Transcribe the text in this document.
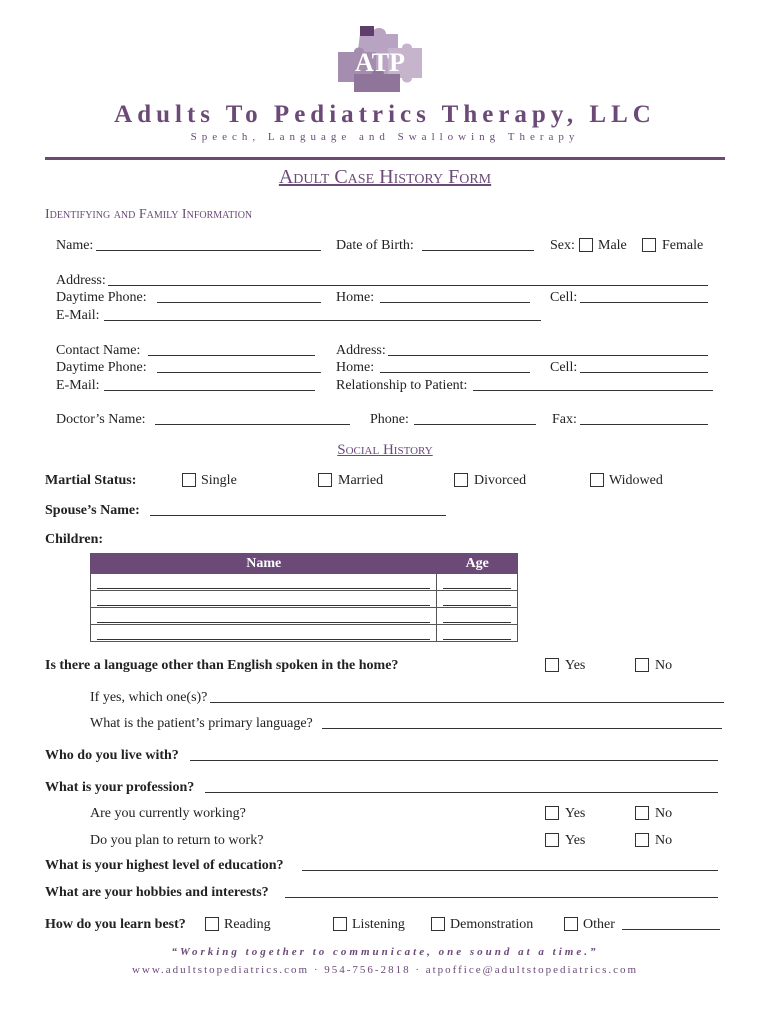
ATP
Adults To Pediatrics Therapy, LLC
Speech, Language and Swallowing Therapy
Adult Case History Form
Identifying and Family Information
Name:	Date of Birth:	Sex: Male	Female
Address:
Daytime Phone:	Home:	Cell:
E-Mail:
Contact Name:	Address:
Daytime Phone:	Home:	Cell:
E-Mail:	Relationship to Patient:
Doctor’s Name:	Phone:	Fax:
Social History
Martial Status:	Single	Married	Divorced	Widowed
Spouse’s Name:
Children:
Name	Age

Is there a language other than English spoken in the home?	Yes	No
If yes, which one(s)?
What is the patient’s primary language?
Who do you live with?
What is your profession?
Are you currently working?	Yes	No
Do you plan to return to work?	Yes	No
What is your highest level of education?
What are your hobbies and interests?
How do you learn best?	Reading	Listening	Demonstration	Other
“Working together to communicate, one sound at a time.”
www.adultstopediatrics.com · 954-756-2818 · atpoffice@adultstopediatrics.com
